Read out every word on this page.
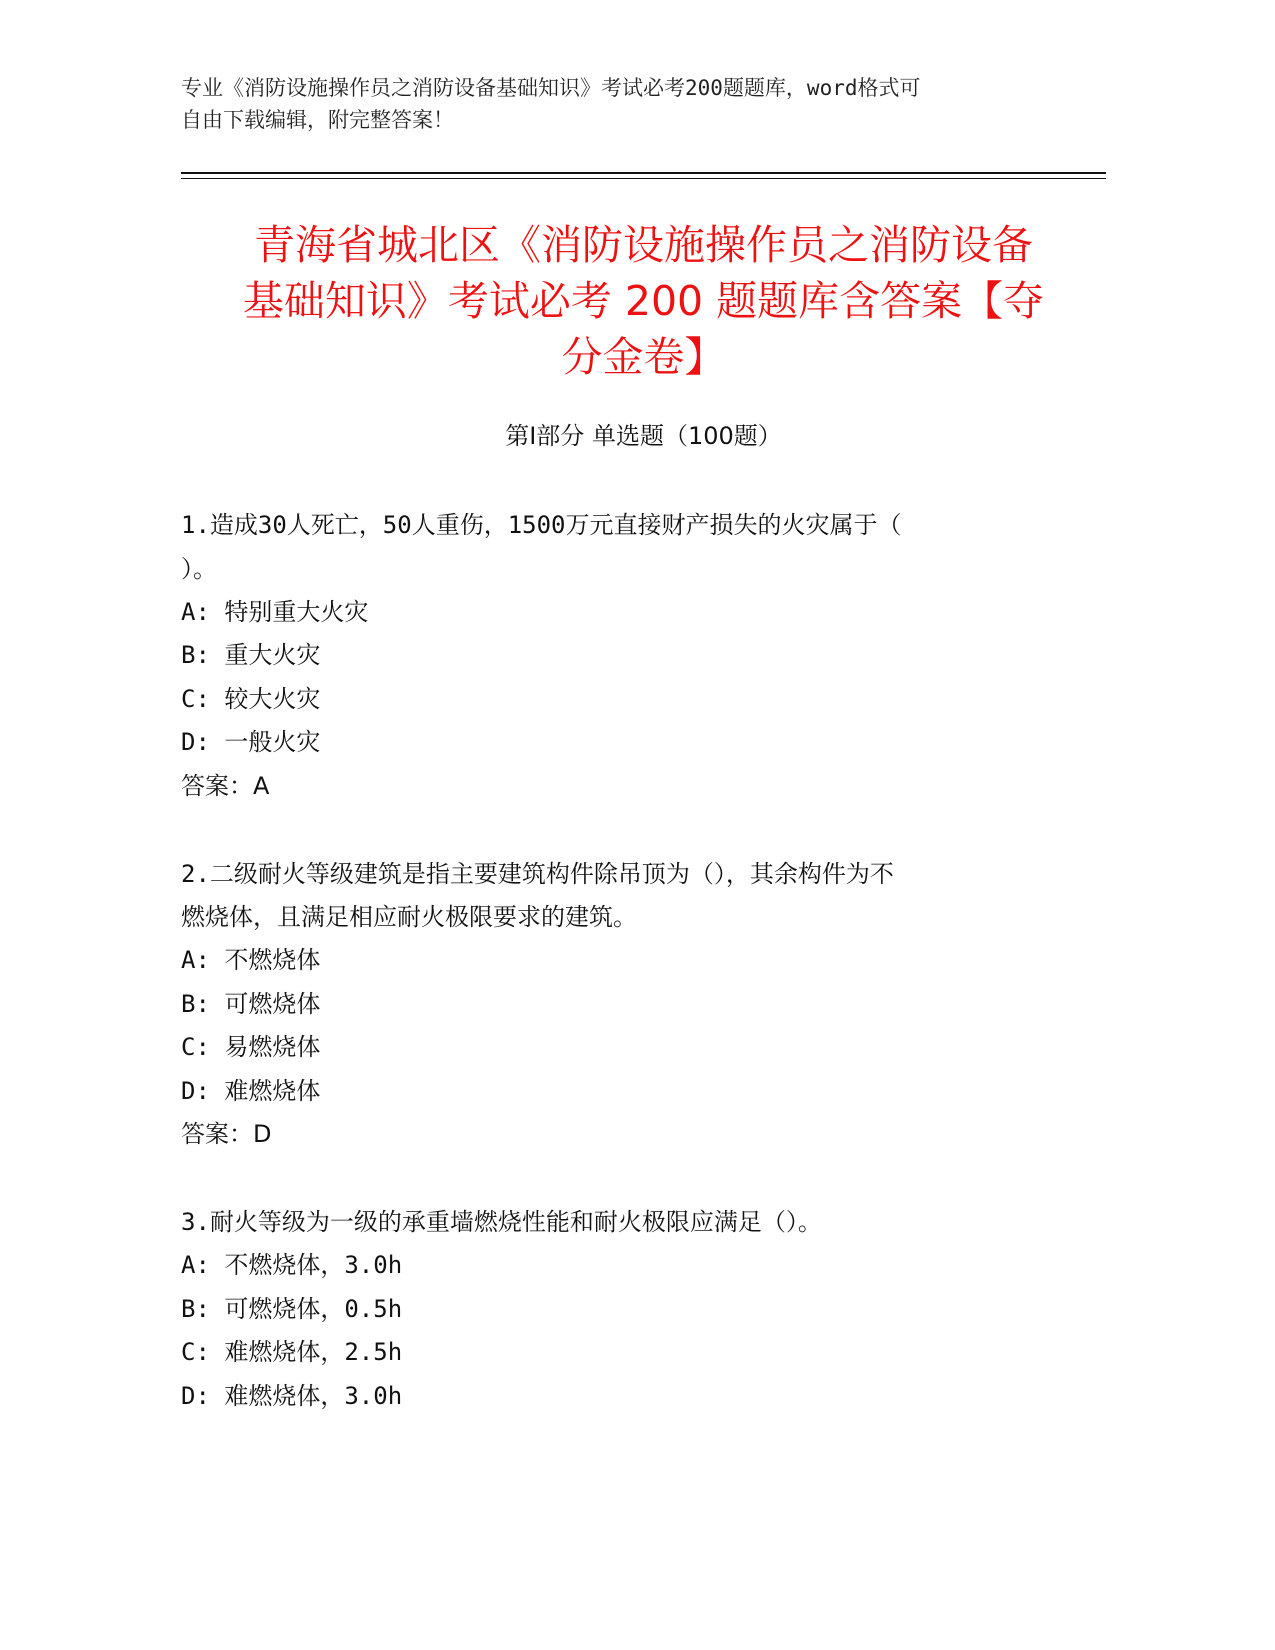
专业《消防设施操作员之消防设备基础知识》考试必考200题题库，word格式可
自由下载编辑，附完整答案！
青海省城北区《消防设施操作员之消防设备
基础知识》考试必考 200 题题库含答案【夺
分金卷】
第Ⅰ部分 单选题（100题）
1.造成30人死亡，50人重伤，1500万元直接财产损失的火灾属于（
）。
A: 特别重大火灾
B: 重大火灾
C: 较大火灾
D: 一般火灾
答案：A
2.二级耐火等级建筑是指主要建筑构件除吊顶为（），其余构件为不
燃烧体，且满足相应耐火极限要求的建筑。
A: 不燃烧体
B: 可燃烧体
C: 易燃烧体
D: 难燃烧体
答案：D
3.耐火等级为一级的承重墙燃烧性能和耐火极限应满足（）。
A: 不燃烧体，3.0h
B: 可燃烧体，0.5h
C: 难燃烧体，2.5h
D: 难燃烧体，3.0h
